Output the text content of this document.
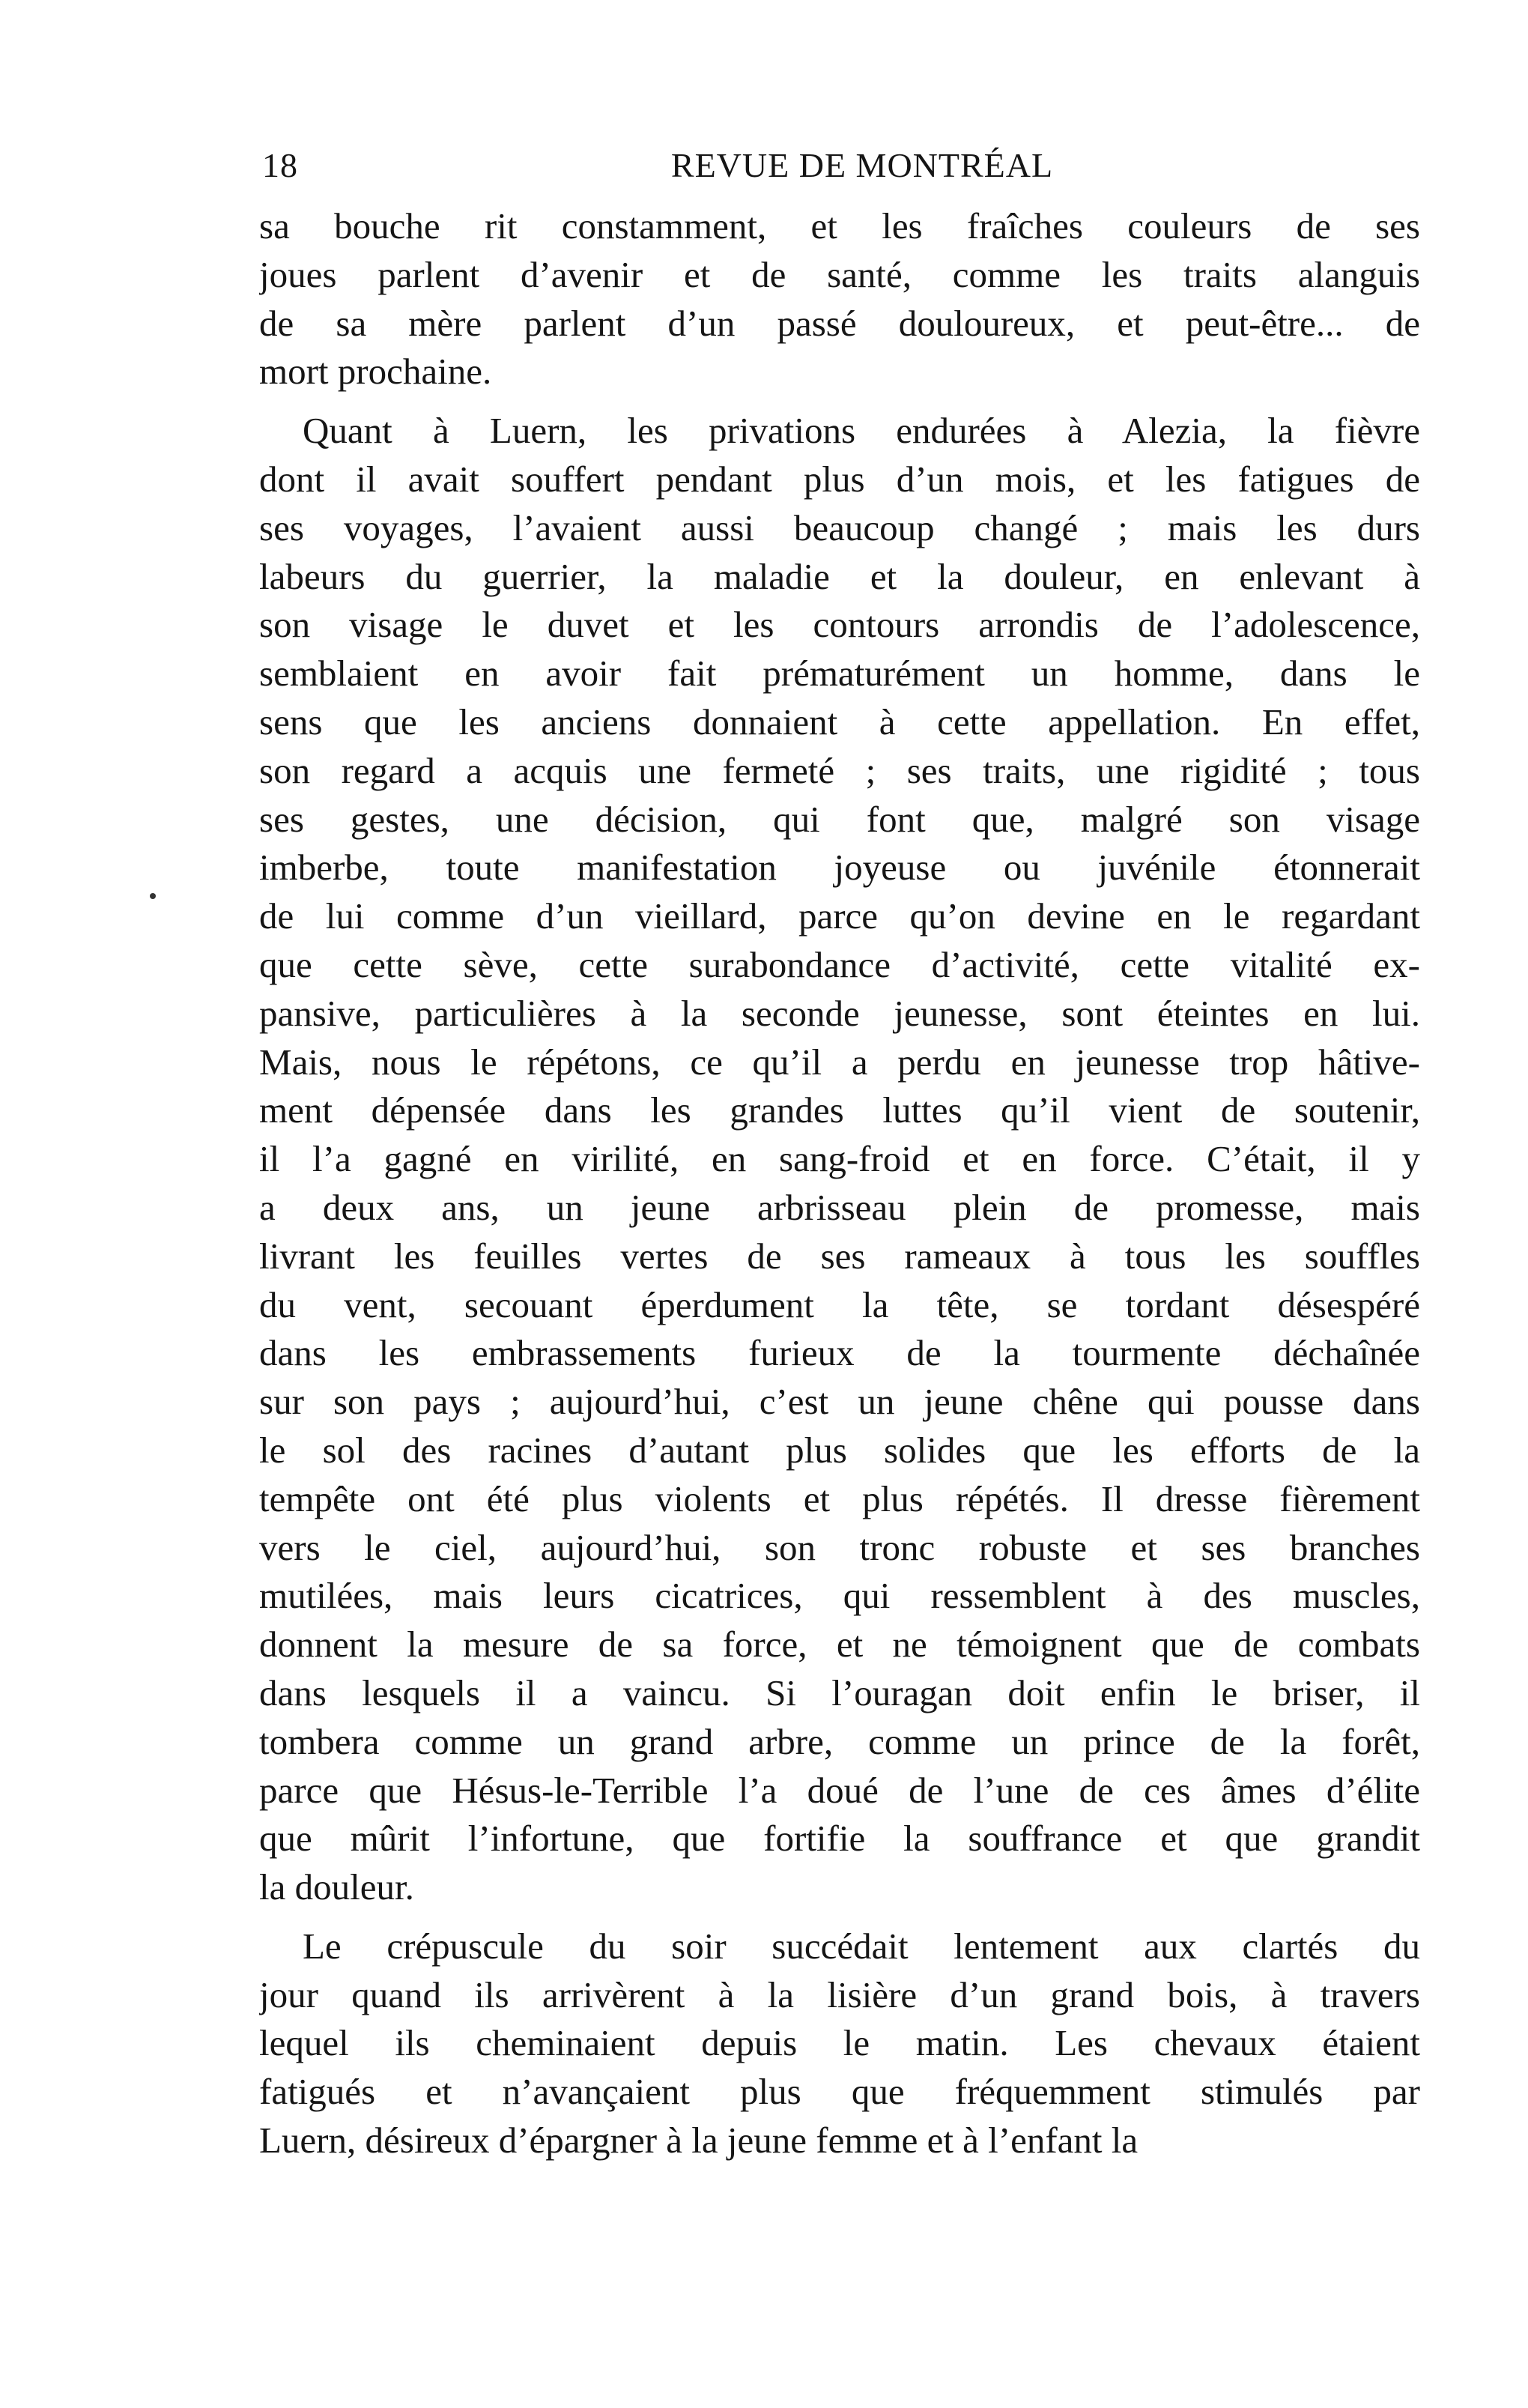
18	REVUE DE MONTRÉAL
sa bouche rit constamment, et les fraîches couleurs de ses
joues parlent d’avenir et de santé, comme les traits alanguis
de sa mère parlent d’un passé douloureux, et peut-être... de
mort prochaine.
Quant à Luern, les privations endurées à Alezia, la fièvre
dont il avait souffert pendant plus d’un mois, et les fatigues de
ses voyages, l’avaient aussi beaucoup changé ; mais les durs
labeurs du guerrier, la maladie et la douleur, en enlevant à
son visage le duvet et les contours arrondis de l’adolescence,
semblaient en avoir fait prématurément un homme, dans le
sens que les anciens donnaient à cette appellation. En effet,
son regard a acquis une fermeté ; ses traits, une rigidité ; tous
ses gestes, une décision, qui font que, malgré son visage
imberbe, toute manifestation joyeuse ou juvénile étonnerait
de lui comme d’un vieillard, parce qu’on devine en le regardant
que cette sève, cette surabondance d’activité, cette vitalité ex-
pansive, particulières à la seconde jeunesse, sont éteintes en lui.
Mais, nous le répétons, ce qu’il a perdu en jeunesse trop hâtive-
ment dépensée dans les grandes luttes qu’il vient de soutenir,
il l’a gagné en virilité, en sang-froid et en force. C’était, il y
a deux ans, un jeune arbrisseau plein de promesse, mais
livrant les feuilles vertes de ses rameaux à tous les souffles
du vent, secouant éperdument la tête, se tordant désespéré
dans les embrassements furieux de la tourmente déchaînée
sur son pays ; aujourd’hui, c’est un jeune chêne qui pousse dans
le sol des racines d’autant plus solides que les efforts de la
tempête ont été plus violents et plus répétés. Il dresse fièrement
vers le ciel, aujourd’hui, son tronc robuste et ses branches
mutilées, mais leurs cicatrices, qui ressemblent à des muscles,
donnent la mesure de sa force, et ne témoignent que de combats
dans lesquels il a vaincu. Si l’ouragan doit enfin le briser, il
tombera comme un grand arbre, comme un prince de la forêt,
parce que Hésus-le-Terrible l’a doué de l’une de ces âmes d’élite
que mûrit l’infortune, que fortifie la souffrance et que grandit
la douleur.
Le crépuscule du soir succédait lentement aux clartés du
jour quand ils arrivèrent à la lisière d’un grand bois, à travers
lequel ils cheminaient depuis le matin. Les chevaux étaient
fatigués et n’avançaient plus que fréquemment stimulés par
Luern, désireux d’épargner à la jeune femme et à l’enfant la
